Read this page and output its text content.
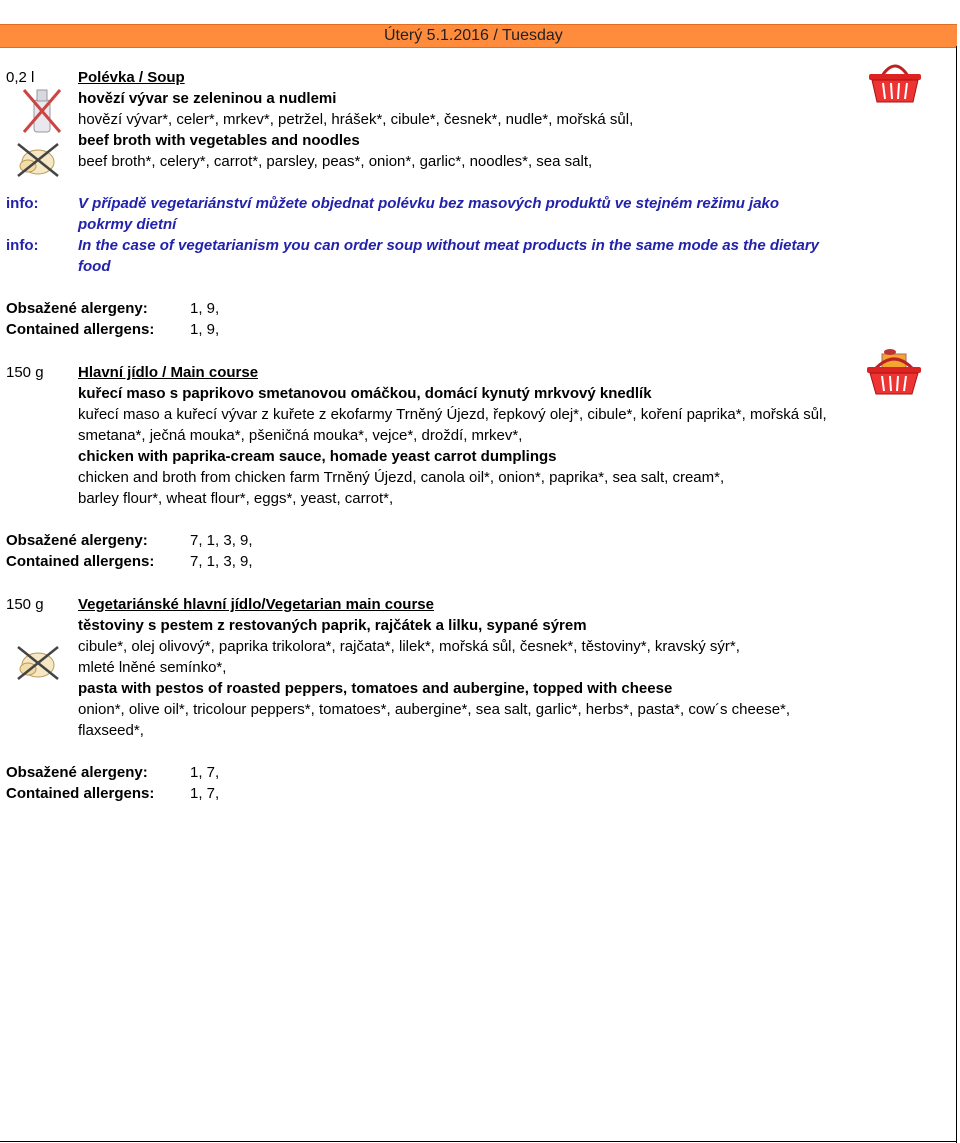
Úterý 5.1.2016 / Tuesday
0,2 l	Polévka / Soup
hovězí vývar se zeleninou a nudlemi
hovězí vývar*, celer*, mrkev*, petržel, hrášek*, cibule*, česnek*, nudle*, mořská sůl,
beef broth with vegetables and noodles
beef broth*, celery*, carrot*, parsley, peas*, onion*, garlic*, noodles*, sea salt,
info:	V případě vegetariánství můžete objednat polévku bez masových produktů ve stejném režimu jako
pokrmy dietní
info:	In the case of vegetarianism you can order soup without meat products in the same mode as the dietary
food
Obsažené alergeny:	1, 9,
Contained allergens: 1, 9,
150 g Hlavní jídlo / Main course
kuřecí maso s paprikovo smetanovou omáčkou, domácí kynutý mrkvový knedlík
kuřecí maso a kuřecí vývar z kuřete z ekofarmy Trněný Újezd, řepkový olej*, cibule*, koření paprika*, mořská sůl,
smetana*, ječná mouka*, pšeničná mouka*, vejce*, droždí, mrkev*,
chicken with paprika-cream sauce, homade yeast carrot dumplings
chicken and broth from chicken farm Trněný Újezd, canola oil*, onion*, paprika*, sea salt, cream*,
barley flour*, wheat flour*, eggs*, yeast, carrot*,
Obsažené alergeny:	7, 1, 3, 9,
Contained allergens: 7, 1, 3, 9,
150 g Vegetariánské hlavní jídlo/Vegetarian main course
těstoviny s pestem z restovaných paprik, rajčátek a lilku, sypané sýrem
cibule*, olej olivový*, paprika trikolora*, rajčata*, lilek*, mořská sůl, česnek*, těstoviny*, kravský sýr*,
mleté lněné semínko*,
pasta with pestos of roasted peppers, tomatoes and aubergine, topped with cheese
onion*, olive oil*, tricolour peppers*, tomatoes*, aubergine*, sea salt, garlic*, herbs*, pasta*, cow´s cheese*,
flaxseed*,
Obsažené alergeny:	1, 7,
Contained allergens: 1, 7,
